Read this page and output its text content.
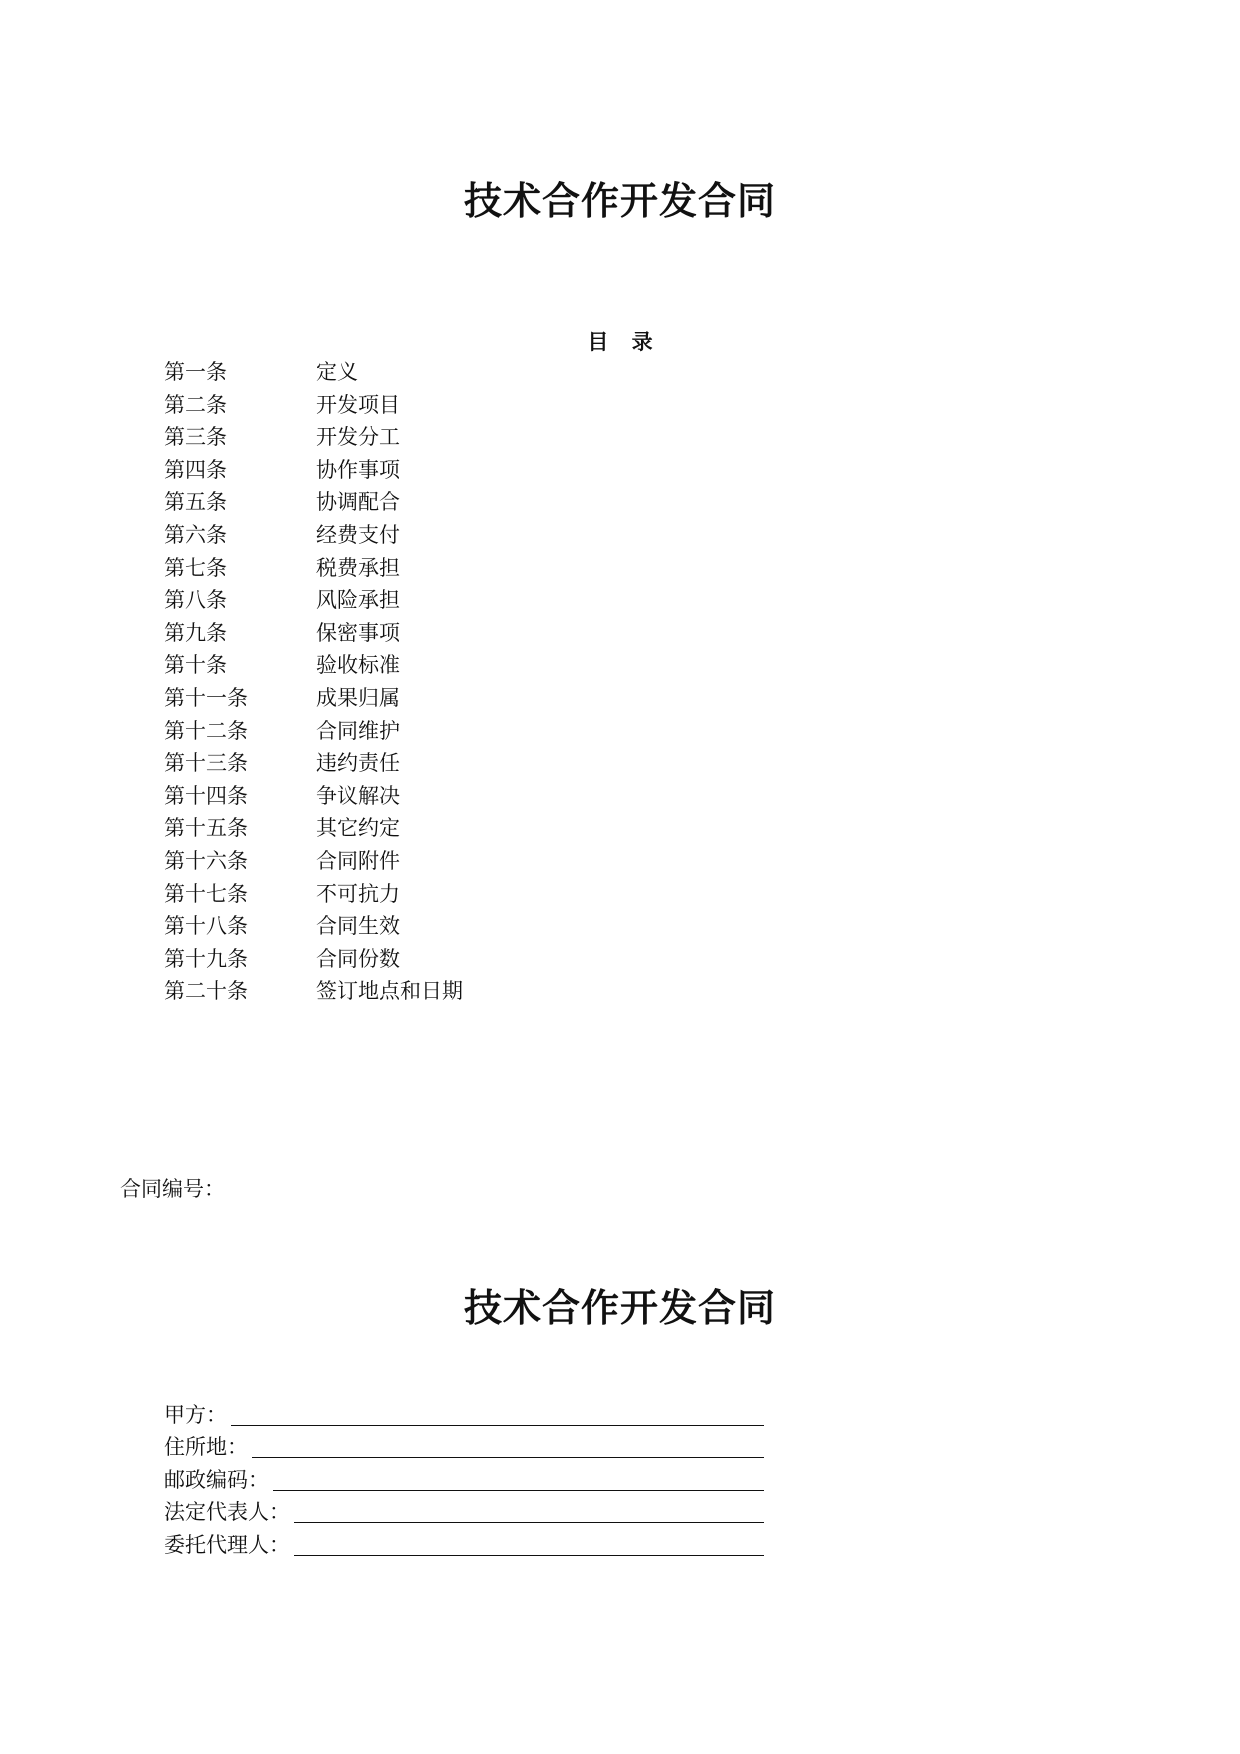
技术合作开发合同
目 录
第一条	定义
第二条	开发项目
第三条	开发分工
第四条	协作事项
第五条	协调配合
第六条	经费支付
第七条	税费承担
第八条	风险承担
第九条	保密事项
第十条	验收标准
第十一条	成果归属
第十二条	合同维护
第十三条	违约责任
第十四条	争议解决
第十五条	其它约定
第十六条	合同附件
第十七条	不可抗力
第十八条	合同生效
第十九条	合同份数
第二十条	签订地点和日期
合同编号：
技术合作开发合同
甲方：
住所地：
邮政编码：
法定代表人：
委托代理人：
